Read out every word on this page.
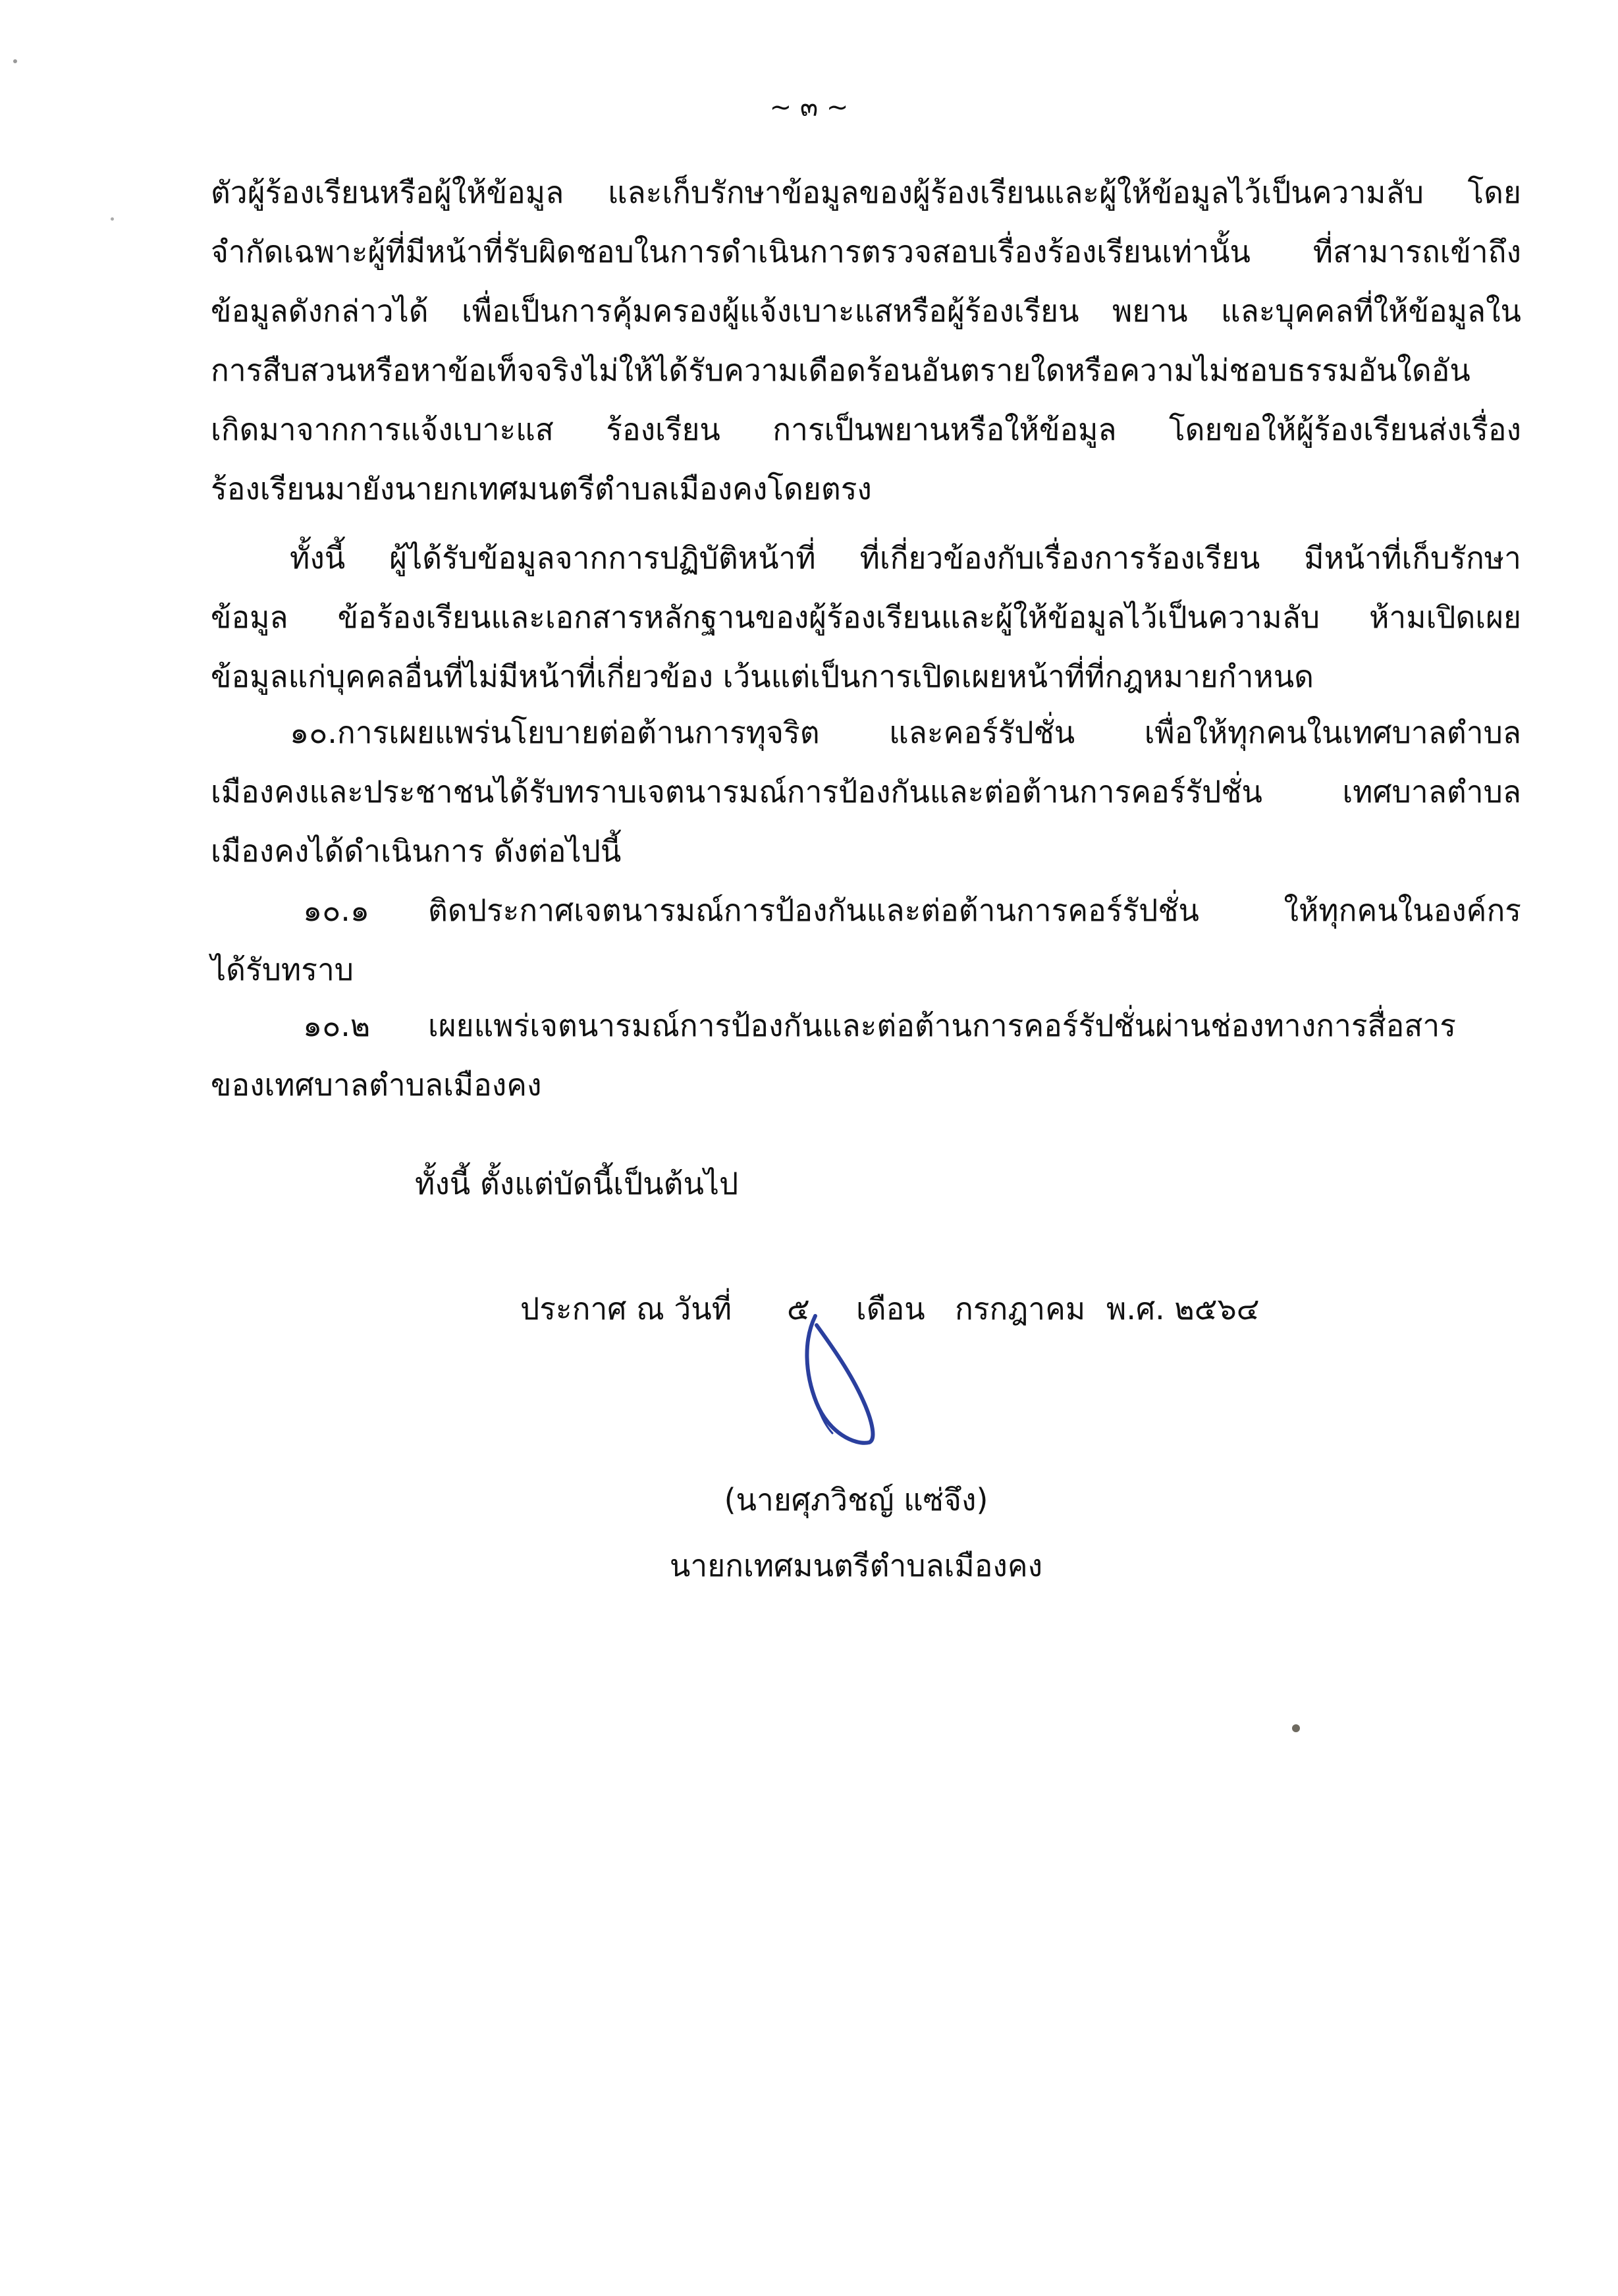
~ ๓ ~
ตัวผู้ร้องเรียนหรือผู้ให้ข้อมูล และเก็บรักษาข้อมูลของผู้ร้องเรียนและผู้ให้ข้อมูลไว้เป็นความลับ โดย
จำกัดเฉพาะผู้ที่มีหน้าที่รับผิดชอบในการดำเนินการตรวจสอบเรื่องร้องเรียนเท่านั้น ที่สามารถเข้าถึง
ข้อมูลดังกล่าวได้ เพื่อเป็นการคุ้มครองผู้แจ้งเบาะแสหรือผู้ร้องเรียน พยาน และบุคคลที่ให้ข้อมูลใน
การสืบสวนหรือหาข้อเท็จจริงไม่ให้ได้รับความเดือดร้อนอันตรายใดหรือความไม่ชอบธรรมอันใดอัน
เกิดมาจากการแจ้งเบาะแส ร้องเรียน การเป็นพยานหรือให้ข้อมูล โดยขอให้ผู้ร้องเรียนส่งเรื่อง
ร้องเรียนมายังนายกเทศมนตรีตำบลเมืองคงโดยตรง
ทั้งนี้ ผู้ได้รับข้อมูลจากการปฏิบัติหน้าที่ ที่เกี่ยวข้องกับเรื่องการร้องเรียน มีหน้าที่เก็บรักษา
ข้อมูล ข้อร้องเรียนและเอกสารหลักฐานของผู้ร้องเรียนและผู้ให้ข้อมูลไว้เป็นความลับ ห้ามเปิดเผย
ข้อมูลแก่บุคคลอื่นที่ไม่มีหน้าที่เกี่ยวข้อง เว้นแต่เป็นการเปิดเผยหน้าที่ที่กฎหมายกำหนด
๑๐.การเผยแพร่นโยบายต่อต้านการทุจริต และคอร์รัปชั่น เพื่อให้ทุกคนในเทศบาลตำบล
เมืองคงและประชาชนได้รับทราบเจตนารมณ์การป้องกันและต่อต้านการคอร์รัปชั่น เทศบาลตำบล
เมืองคงได้ดำเนินการ ดังต่อไปนี้
๑๐.๑ ติดประกาศเจตนารมณ์การป้องกันและต่อต้านการคอร์รัปชั่น ให้ทุกคนในองค์กร
ได้รับทราบ
๑๐.๒ เผยแพร่เจตนารมณ์การป้องกันและต่อต้านการคอร์รัปชั่นผ่านช่องทางการสื่อสาร
ของเทศบาลตำบลเมืองคง
ทั้งนี้ ตั้งแต่บัดนี้เป็นต้นไป
ประกาศ ณ วันที่ ๕ เดือน กรกฎาคม พ.ศ. ๒๕๖๔
(นายศุภวิชญ์ แซ่จึง)
นายกเทศมนตรีตำบลเมืองคง
